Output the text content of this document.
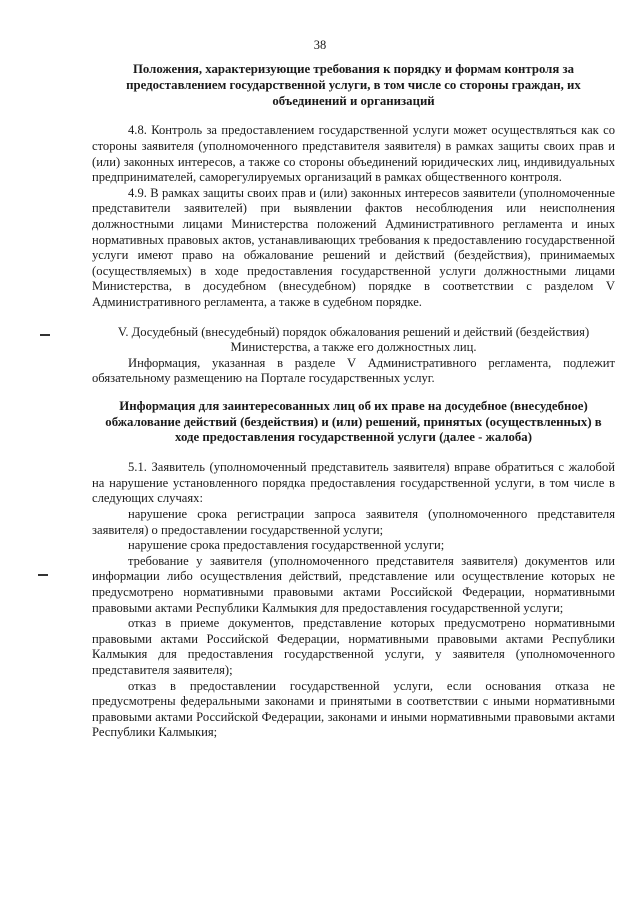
38
Положения, характеризующие требования к порядку и формам контроля за предоставлением государственной услуги, в том числе со стороны граждан, их объединений и организаций

4.8. Контроль за предоставлением государственной услуги может осуществляться как со стороны заявителя (уполномоченного представителя заявителя) в рамках защиты своих прав и (или) законных интересов, а также со стороны объединений юридических лиц, индивидуальных предпринимателей, саморегулируемых организаций в рамках общественного контроля.

4.9. В рамках защиты своих прав и (или) законных интересов заявители (уполномоченные представители заявителей) при выявлении фактов несоблюдения или неисполнения должностными лицами Министерства положений Административного регламента и иных нормативных правовых актов, устанавливающих требования к предоставлению государственной услуги имеют право на обжалование решений и действий (бездействия), принимаемых (осуществляемых) в ходе предоставления государственной услуги должностными лицами Министерства, в досудебном (внесудебном) порядке в соответствии с разделом V Административного регламента, а также в судебном порядке.

V. Досудебный (внесудебный) порядок обжалования решений и действий (бездействия) Министерства, а также его должностных лиц.

Информация, указанная в разделе V Административного регламента, подлежит обязательному размещению на Портале государственных услуг.

Информация для заинтересованных лиц об их праве на досудебное (внесудебное) обжалование действий (бездействия) и (или) решений, принятых (осуществленных) в ходе предоставления государственной услуги (далее - жалоба)

5.1. Заявитель (уполномоченный представитель заявителя) вправе обратиться с жалобой на нарушение установленного порядка предоставления государственной услуги, в том числе в следующих случаях:

нарушение срока регистрации запроса заявителя (уполномоченного представителя заявителя) о предоставлении государственной услуги;

нарушение срока предоставления государственной услуги;

требование у заявителя (уполномоченного представителя заявителя) документов или информации либо осуществления действий, представление или осуществление которых не предусмотрено нормативными правовыми актами Российской Федерации, нормативными правовыми актами Республики Калмыкия для предоставления государственной услуги;

отказ в приеме документов, представление которых предусмотрено нормативными правовыми актами Российской Федерации, нормативными правовыми актами Республики Калмыкия для предоставления государственной услуги, у заявителя (уполномоченного представителя заявителя);

отказ в предоставлении государственной услуги, если основания отказа не предусмотрены федеральными законами и принятыми в соответствии с иными нормативными правовыми актами Российской Федерации, законами и иными нормативными правовыми актами Республики Калмыкия;
